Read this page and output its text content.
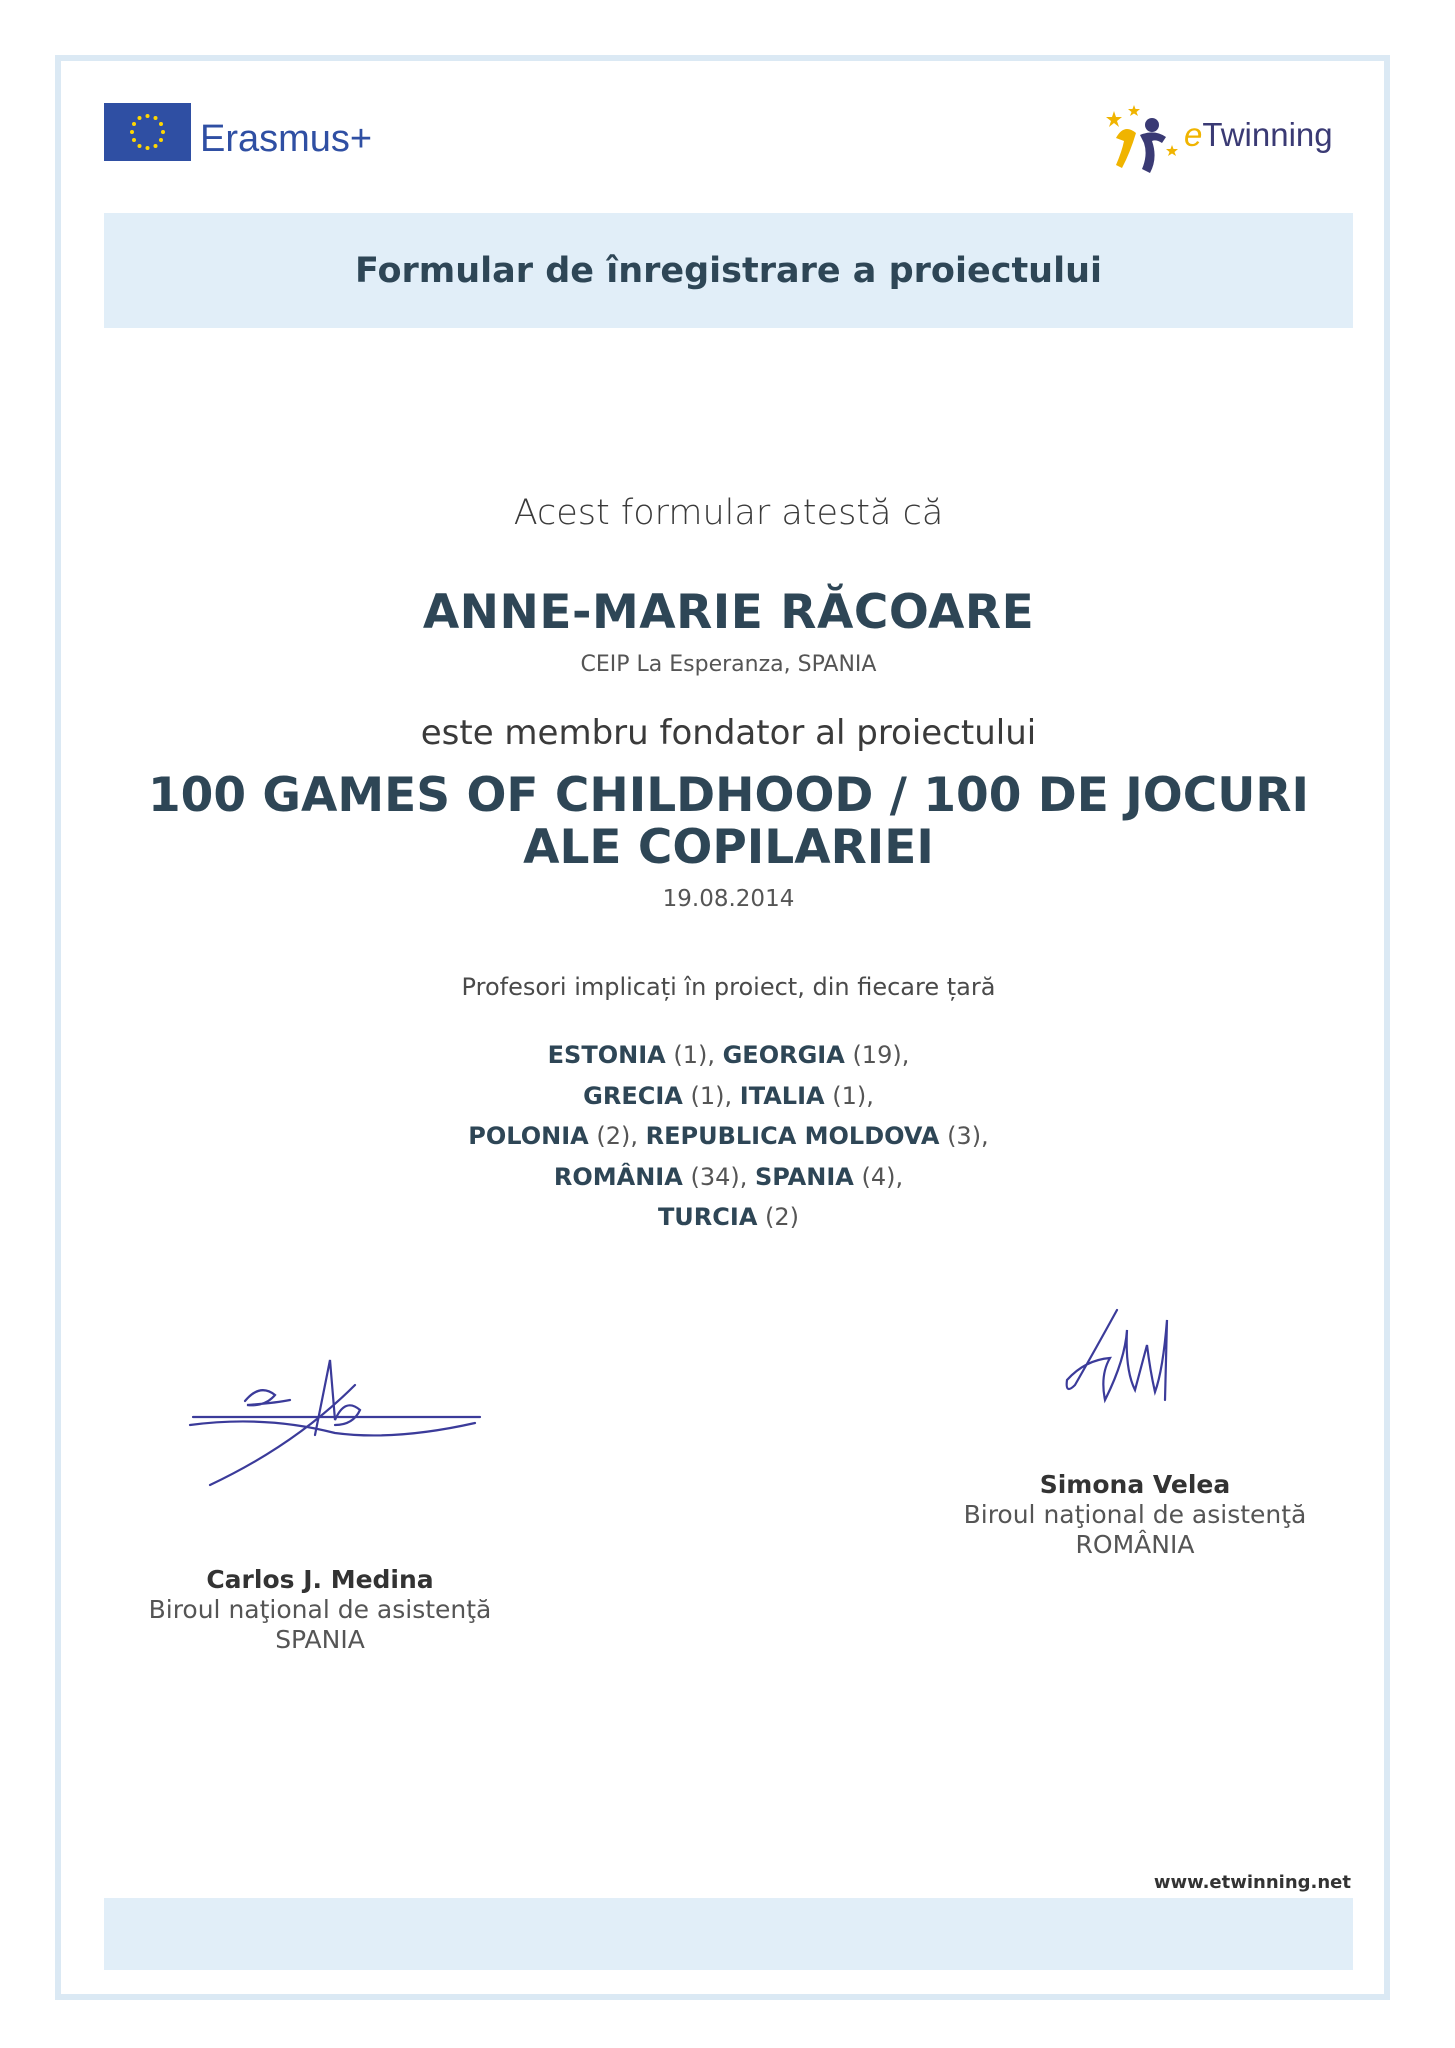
Erasmus+	eTwinning
Formular de înregistrare a proiectului
Acest formular atestă că
ANNE-MARIE RĂCOARE
CEIP La Esperanza, SPANIA
este membru fondator al proiectului
100 GAMES OF CHILDHOOD / 100 DE JOCURI ALE COPILARIEI
19.08.2014
Profesori implicați în proiect, din fiecare țară
ESTONIA (1), GEORGIA (19),
GRECIA (1), ITALIA (1),
POLONIA (2), REPUBLICA MOLDOVA (3),
ROMÂNIA (34), SPANIA (4),
TURCIA (2)
Carlos J. Medina
Biroul naţional de asistenţă
SPANIA
Simona Velea
Biroul naţional de asistenţă
ROMÂNIA
www.etwinning.net
